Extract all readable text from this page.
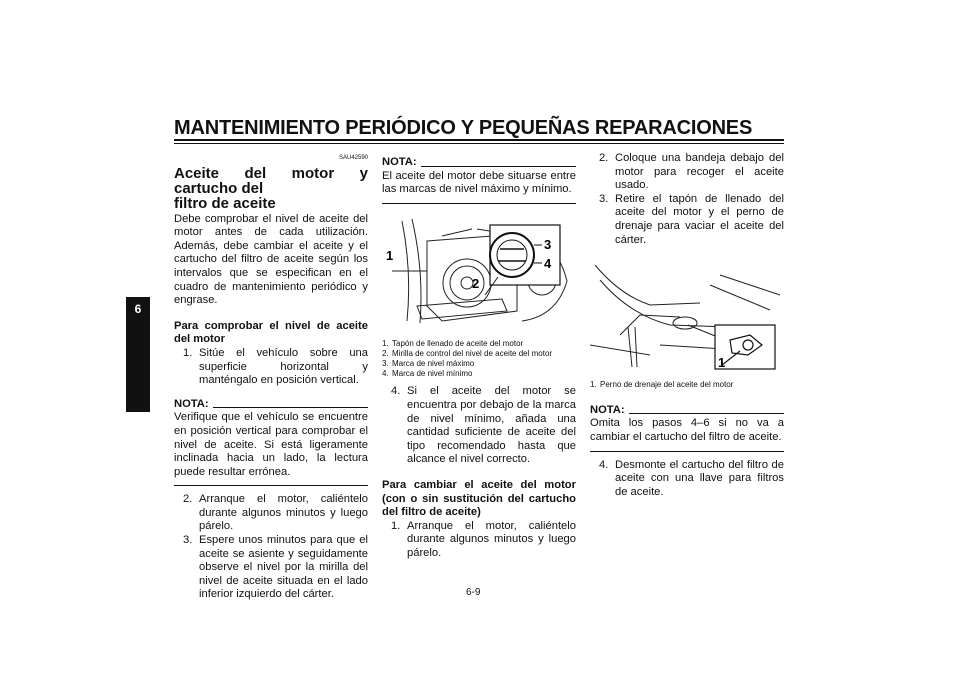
MANTENIMIENTO PERIÓDICO Y PEQUEÑAS REPARACIONES
6

SAU42590

Aceite del motor y cartucho del

filtro de aceite

Debe comprobar el nivel de aceite del motor antes de cada utilización. Además, debe cambiar el aceite y el cartucho del filtro de aceite según los intervalos que se especifican en el cuadro de mantenimiento periódico y engrase.

Para comprobar el nivel de aceite del motor

1. Sitúe el vehículo sobre una superficie horizontal y manténgalo en posición vertical.

NOTA:

Verifique que el vehículo se encuentre en posición vertical para comprobar el nivel de aceite. Si está ligeramente inclinada hacia un lado, la lectura puede resultar errónea.

2. Arranque el motor, caliéntelo durante algunos minutos y luego párelo.
3. Espere unos minutos para que el aceite se asiente y seguidamente observe el nivel por la mirilla del nivel de aceite situada en el lado inferior izquierdo del cárter.

NOTA:

El aceite del motor debe situarse entre las marcas de nivel máximo y mínimo.

1
2
3
4
1. Tapón de llenado de aceite del motor
2. Mirilla de control del nivel de aceite del motor
3. Marca de nivel máximo
4. Marca de nivel mínimo
4. Si el aceite del motor se encuentra por debajo de la marca de nivel mínimo, añada una cantidad suficiente de aceite del tipo recomendado hasta que alcance el nivel correcto.

Para cambiar el aceite del motor (con o sin sustitución del cartucho del filtro de aceite)

1. Arranque el motor, caliéntelo durante algunos minutos y luego párelo.
2. Coloque una bandeja debajo del motor para recoger el aceite usado.
3. Retire el tapón de llenado del aceite del motor y el perno de drenaje para vaciar el aceite del cárter.
1
1. Perno de drenaje del aceite del motor

NOTA:

Omita los pasos 4–6 si no va a cambiar el cartucho del filtro de aceite.

4. Desmonte el cartucho del filtro de aceite con una llave para filtros de aceite.
6-9
